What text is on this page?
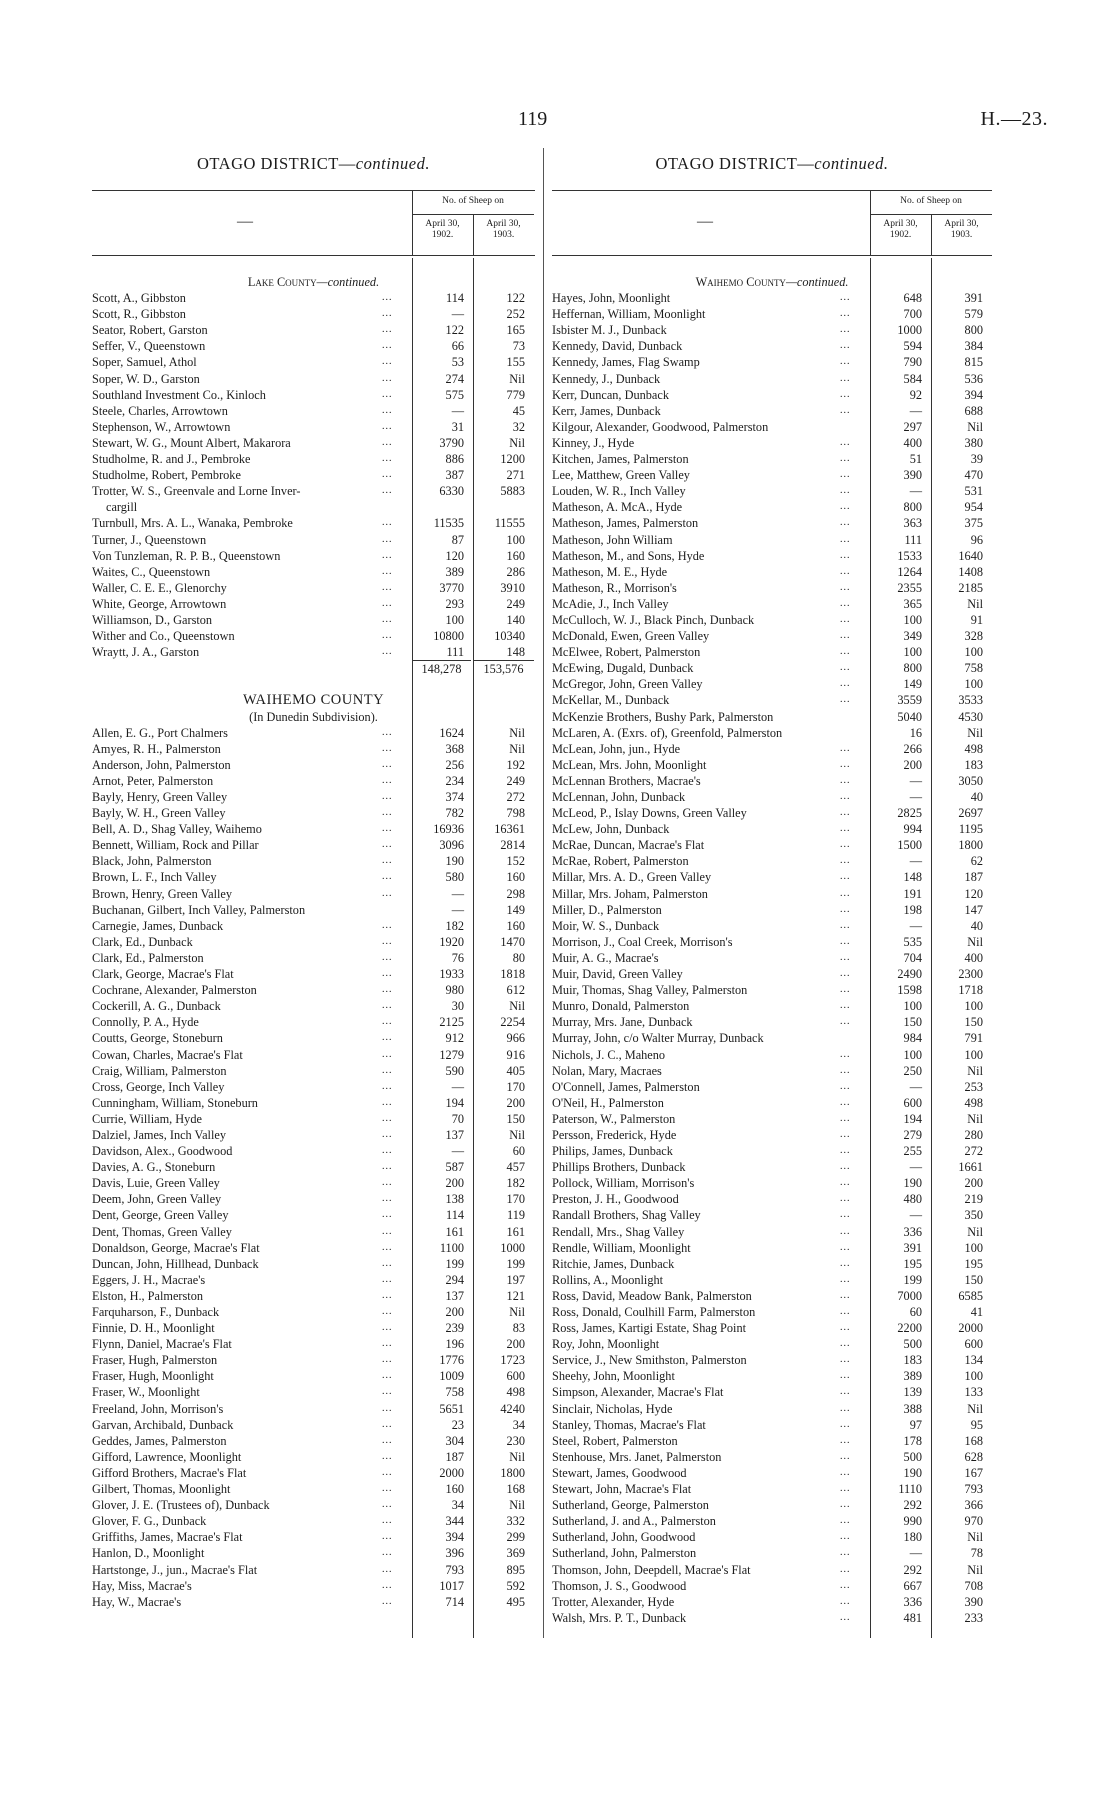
119	H.—23.
OTAGO DISTRICT—continued.
—
No. of Sheep on
April 30,
1902.
April 30,
1903.
Lake County—continued.
Scott, A., Gibbston	...	114	122
Scott, R., Gibbston	...	—	252
Seator, Robert, Garston	...	122	165
Seffer, V., Queenstown	...	66	73
Soper, Samuel, Athol	...	53	155
Soper, W. D., Garston	...	274	Nil
Southland Investment Co., Kinloch	...	575	779
Steele, Charles, Arrowtown	...	—	45
Stephenson, W., Arrowtown	...	31	32
Stewart, W. G., Mount Albert, Makarora	...	3790	Nil
Studholme, R. and J., Pembroke	...	886	1200
Studholme, Robert, Pembroke	...	387	271
Trotter, W. S., Greenvale and Lorne Inver-	...	6330	5883
cargill
Turnbull, Mrs. A. L., Wanaka, Pembroke	...	11535	11555
Turner, J., Queenstown	...	87	100
Von Tunzleman, R. P. B., Queenstown	...	120	160
Waites, C., Queenstown	...	389	286
Waller, C. E. E., Glenorchy	...	3770	3910
White, George, Arrowtown	...	293	249
Williamson, D., Garston	...	100	140
Wither and Co., Queenstown	...	10800	10340
Wraytt, J. A., Garston	...	111	148
148,278	153,576
WAIHEMO COUNTY
(In Dunedin Subdivision).
Allen, E. G., Port Chalmers	...	1624	Nil
Amyes, R. H., Palmerston	...	368	Nil
Anderson, John, Palmerston	...	256	192
Arnot, Peter, Palmerston	...	234	249
Bayly, Henry, Green Valley	...	374	272
Bayly, W. H., Green Valley	...	782	798
Bell, A. D., Shag Valley, Waihemo	...	16936	16361
Bennett, William, Rock and Pillar	...	3096	2814
Black, John, Palmerston	...	190	152
Brown, L. F., Inch Valley	...	580	160
Brown, Henry, Green Valley	...	—	298
Buchanan, Gilbert, Inch Valley, Palmerston	—	149
Carnegie, James, Dunback	...	182	160
Clark, Ed., Dunback	...	1920	1470
Clark, Ed., Palmerston	...	76	80
Clark, George, Macrae's Flat	...	1933	1818
Cochrane, Alexander, Palmerston	...	980	612
Cockerill, A. G., Dunback	...	30	Nil
Connolly, P. A., Hyde	...	2125	2254
Coutts, George, Stoneburn	...	912	966
Cowan, Charles, Macrae's Flat	...	1279	916
Craig, William, Palmerston	...	590	405
Cross, George, Inch Valley	...	—	170
Cunningham, William, Stoneburn	...	194	200
Currie, William, Hyde	...	70	150
Dalziel, James, Inch Valley	...	137	Nil
Davidson, Alex., Goodwood	...	—	60
Davies, A. G., Stoneburn	...	587	457
Davis, Luie, Green Valley	...	200	182
Deem, John, Green Valley	...	138	170
Dent, George, Green Valley	...	114	119
Dent, Thomas, Green Valley	...	161	161
Donaldson, George, Macrae's Flat	...	1100	1000
Duncan, John, Hillhead, Dunback	...	199	199
Eggers, J. H., Macrae's	...	294	197
Elston, H., Palmerston	...	137	121
Farquharson, F., Dunback	...	200	Nil
Finnie, D. H., Moonlight	...	239	83
Flynn, Daniel, Macrae's Flat	...	196	200
Fraser, Hugh, Palmerston	...	1776	1723
Fraser, Hugh, Moonlight	...	1009	600
Fraser, W., Moonlight	...	758	498
Freeland, John, Morrison's	...	5651	4240
Garvan, Archibald, Dunback	...	23	34
Geddes, James, Palmerston	...	304	230
Gifford, Lawrence, Moonlight	...	187	Nil
Gifford Brothers, Macrae's Flat	...	2000	1800
Gilbert, Thomas, Moonlight	...	160	168
Glover, J. E. (Trustees of), Dunback	...	34	Nil
Glover, F. G., Dunback	...	344	332
Griffiths, James, Macrae's Flat	...	394	299
Hanlon, D., Moonlight	...	396	369
Hartstonge, J., jun., Macrae's Flat	...	793	895
Hay, Miss, Macrae's	...	1017	592
Hay, W., Macrae's	...	714	495
OTAGO DISTRICT—continued.
—
No. of Sheep on
April 30,
1902.
April 30,
1903.
Waihemo County—continued.
Hayes, John, Moonlight	...	648	391
Heffernan, William, Moonlight	...	700	579
Isbister M. J., Dunback	...	1000	800
Kennedy, David, Dunback	...	594	384
Kennedy, James, Flag Swamp	...	790	815
Kennedy, J., Dunback	...	584	536
Kerr, Duncan, Dunback	...	92	394
Kerr, James, Dunback	...	—	688
Kilgour, Alexander, Goodwood, Palmerston	297	Nil
Kinney, J., Hyde	...	400	380
Kitchen, James, Palmerston	...	51	39
Lee, Matthew, Green Valley	...	390	470
Louden, W. R., Inch Valley	...	—	531
Matheson, A. McA., Hyde	...	800	954
Matheson, James, Palmerston	...	363	375
Matheson, John William	...	111	96
Matheson, M., and Sons, Hyde	...	1533	1640
Matheson, M. E., Hyde	...	1264	1408
Matheson, R., Morrison's	...	2355	2185
McAdie, J., Inch Valley	...	365	Nil
McCulloch, W. J., Black Pinch, Dunback	...	100	91
McDonald, Ewen, Green Valley	...	349	328
McElwee, Robert, Palmerston	...	100	100
McEwing, Dugald, Dunback	...	800	758
McGregor, John, Green Valley	...	149	100
McKellar, M., Dunback	...	3559	3533
McKenzie Brothers, Bushy Park, Palmerston	5040	4530
McLaren, A. (Exrs. of), Greenfold, Palmerston	16	Nil
McLean, John, jun., Hyde	...	266	498
McLean, Mrs. John, Moonlight	...	200	183
McLennan Brothers, Macrae's	...	—	3050
McLennan, John, Dunback	...	—	40
McLeod, P., Islay Downs, Green Valley	...	2825	2697
McLew, John, Dunback	...	994	1195
McRae, Duncan, Macrae's Flat	...	1500	1800
McRae, Robert, Palmerston	...	—	62
Millar, Mrs. A. D., Green Valley	...	148	187
Millar, Mrs. Joham, Palmerston	...	191	120
Miller, D., Palmerston	...	198	147
Moir, W. S., Dunback	...	—	40
Morrison, J., Coal Creek, Morrison's	...	535	Nil
Muir, A. G., Macrae's	...	704	400
Muir, David, Green Valley	...	2490	2300
Muir, Thomas, Shag Valley, Palmerston	...	1598	1718
Munro, Donald, Palmerston	...	100	100
Murray, Mrs. Jane, Dunback	...	150	150
Murray, John, c/o Walter Murray, Dunback	984	791
Nichols, J. C., Maheno	...	100	100
Nolan, Mary, Macraes	...	250	Nil
O'Connell, James, Palmerston	...	—	253
O'Neil, H., Palmerston	...	600	498
Paterson, W., Palmerston	...	194	Nil
Persson, Frederick, Hyde	...	279	280
Philips, James, Dunback	...	255	272
Phillips Brothers, Dunback	...	—	1661
Pollock, William, Morrison's	...	190	200
Preston, J. H., Goodwood	...	480	219
Randall Brothers, Shag Valley	...	—	350
Rendall, Mrs., Shag Valley	...	336	Nil
Rendle, William, Moonlight	...	391	100
Ritchie, James, Dunback	...	195	195
Rollins, A., Moonlight	...	199	150
Ross, David, Meadow Bank, Palmerston	...	7000	6585
Ross, Donald, Coulhill Farm, Palmerston	...	60	41
Ross, James, Kartigi Estate, Shag Point	...	2200	2000
Roy, John, Moonlight	...	500	600
Service, J., New Smithston, Palmerston	...	183	134
Sheehy, John, Moonlight	...	389	100
Simpson, Alexander, Macrae's Flat	...	139	133
Sinclair, Nicholas, Hyde	...	388	Nil
Stanley, Thomas, Macrae's Flat	...	97	95
Steel, Robert, Palmerston	...	178	168
Stenhouse, Mrs. Janet, Palmerston	...	500	628
Stewart, James, Goodwood	...	190	167
Stewart, John, Macrae's Flat	...	1110	793
Sutherland, George, Palmerston	...	292	366
Sutherland, J. and A., Palmerston	...	990	970
Sutherland, John, Goodwood	...	180	Nil
Sutherland, John, Palmerston	...	—	78
Thomson, John, Deepdell, Macrae's Flat	...	292	Nil
Thomson, J. S., Goodwood	...	667	708
Trotter, Alexander, Hyde	...	336	390
Walsh, Mrs. P. T., Dunback	...	481	233
